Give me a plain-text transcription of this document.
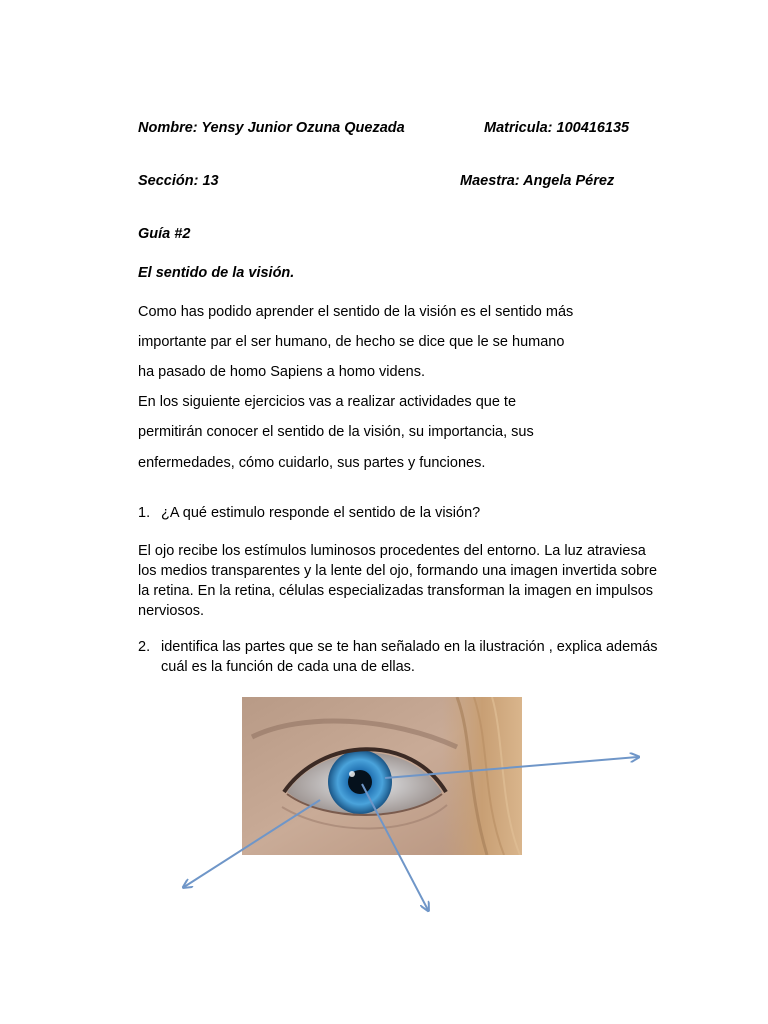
Nombre: Yensy Junior Ozuna Quezada	Matricula: 100416135
Sección: 13	Maestra: Angela Pérez
Guía #2
El sentido de la visión.
Como has podido aprender el sentido de la visión es el sentido más
importante par el ser humano, de hecho se dice que le se humano
ha pasado de homo Sapiens a homo videns.
En los siguiente ejercicios vas a realizar actividades que te
permitirán conocer el sentido de la visión, su importancia, sus
enfermedades, cómo cuidarlo, sus partes y funciones.
1. ¿A qué estimulo responde el sentido de la visión?
El ojo recibe los estímulos luminosos procedentes del entorno. La luz atraviesa los medios transparentes y la lente del ojo, formando una imagen invertida sobre la retina. En la retina, células especializadas transforman la imagen en impulsos nerviosos.
2. identifica las partes que se te han señalado en la ilustración , explica además cuál es la función de cada una de ellas.
